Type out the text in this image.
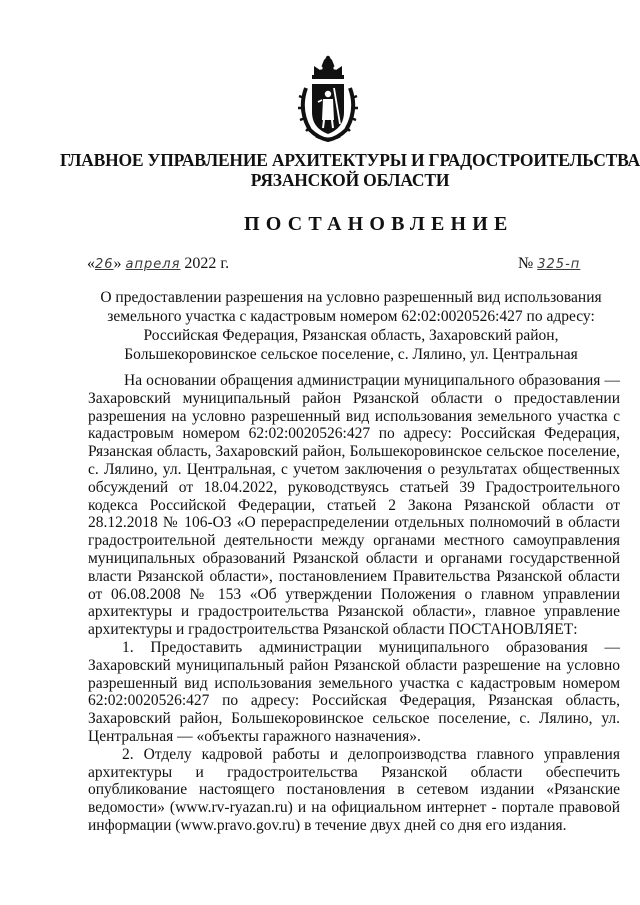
ГЛАВНОЕ УПРАВЛЕНИЕ АРХИТЕКТУРЫ И ГРАДОСТРОИТЕЛЬСТВА
РЯЗАНСКОЙ ОБЛАСТИ
ПОСТАНОВЛЕНИЕ
«26» апреля 2022 г.	№ 325-п
О предоставлении разрешения на условно разрешенный вид использования
земельного участка с кадастровым номером 62:02:0020526:427 по адресу:
Российская Федерация, Рязанская область, Захаровский район,
Большекоровинское сельское поселение, с. Лялино, ул. Центральная

На основании обращения администрации муниципального образования — Захаровский муниципальный район Рязанской области о предоставлении разрешения на условно разрешенный вид использования земельного участка с кадастровым номером 62:02:0020526:427 по адресу: Российская Федерация, Рязанская область, Захаровский район, Большекоровинское сельское поселение, с. Лялино, ул. Центральная, с учетом заключения о результатах общественных обсуждений от 18.04.2022, руководствуясь статьей 39 Градостроительного кодекса Российской Федерации, статьей 2 Закона Рязанской области от 28.12.2018 № 106-ОЗ «О перераспределении отдельных полномочий в области градостроительной деятельности между органами местного самоуправления муниципальных образований Рязанской области и органами государственной власти Рязанской области», постановлением Правительства Рязанской области от 06.08.2008 № 153 «Об утверждении Положения о главном управлении архитектуры и градостроительства Рязанской области», главное управление архитектуры и градостроительства Рязанской области ПОСТАНОВЛЯЕТ:

1. Предоставить администрации муниципального образования — Захаровский муниципальный район Рязанской области разрешение на условно разрешенный вид использования земельного участка с кадастровым номером 62:02:0020526:427 по адресу: Российская Федерация, Рязанская область, Захаровский район, Большекоровинское сельское поселение, с. Лялино, ул. Центральная — «объекты гаражного назначения».

2. Отделу кадровой работы и делопроизводства главного управления архитектуры и градостроительства Рязанской области обеспечить опубликование настоящего постановления в сетевом издании «Рязанские ведомости» (www.rv-ryazan.ru) и на официальном интернет - портале правовой информации (www.pravo.gov.ru) в течение двух дней со дня его издания.
